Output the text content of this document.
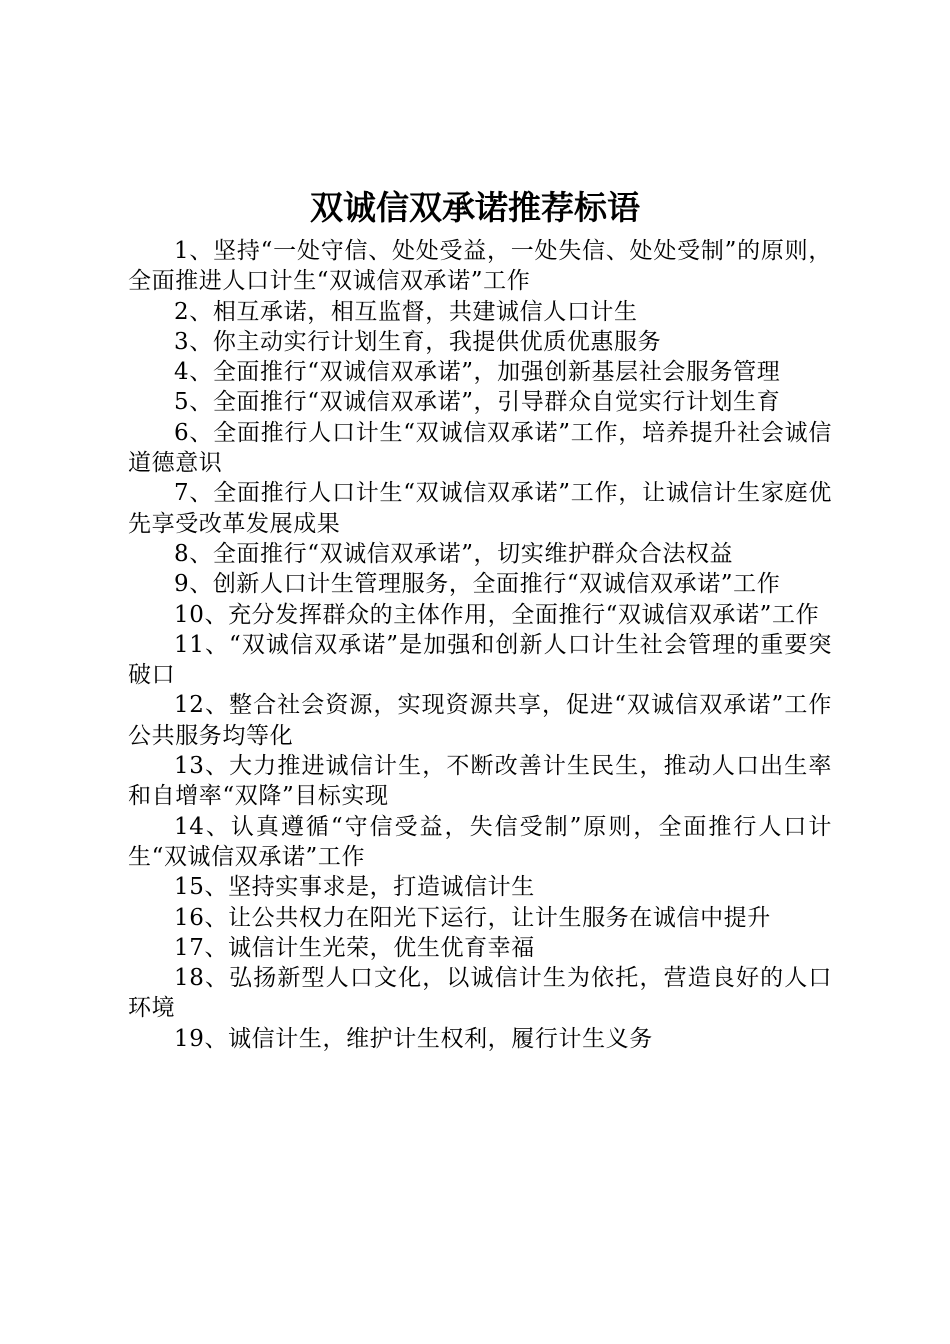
双诚信双承诺推荐标语

1、坚持“一处守信、处处受益，一处失信、处处受制”的原则，全面推进人口计生“双诚信双承诺”工作

2、相互承诺，相互监督，共建诚信人口计生

3、你主动实行计划生育，我提供优质优惠服务

4、全面推行“双诚信双承诺”，加强创新基层社会服务管理

5、全面推行“双诚信双承诺”，引导群众自觉实行计划生育

6、全面推行人口计生“双诚信双承诺”工作，培养提升社会诚信道德意识

7、全面推行人口计生“双诚信双承诺”工作，让诚信计生家庭优先享受改革发展成果

8、全面推行“双诚信双承诺”，切实维护群众合法权益

9、创新人口计生管理服务，全面推行“双诚信双承诺”工作

10、充分发挥群众的主体作用，全面推行“双诚信双承诺”工作

11、“双诚信双承诺”是加强和创新人口计生社会管理的重要突破口

12、整合社会资源，实现资源共享，促进“双诚信双承诺”工作公共服务均等化

13、大力推进诚信计生，不断改善计生民生，推动人口出生率和自增率“双降”目标实现

14、认真遵循“守信受益，失信受制”原则，全面推行人口计生“双诚信双承诺”工作

15、坚持实事求是，打造诚信计生

16、让公共权力在阳光下运行，让计生服务在诚信中提升

17、诚信计生光荣，优生优育幸福

18、弘扬新型人口文化，以诚信计生为依托，营造良好的人口环境

19、诚信计生，维护计生权利，履行计生义务
